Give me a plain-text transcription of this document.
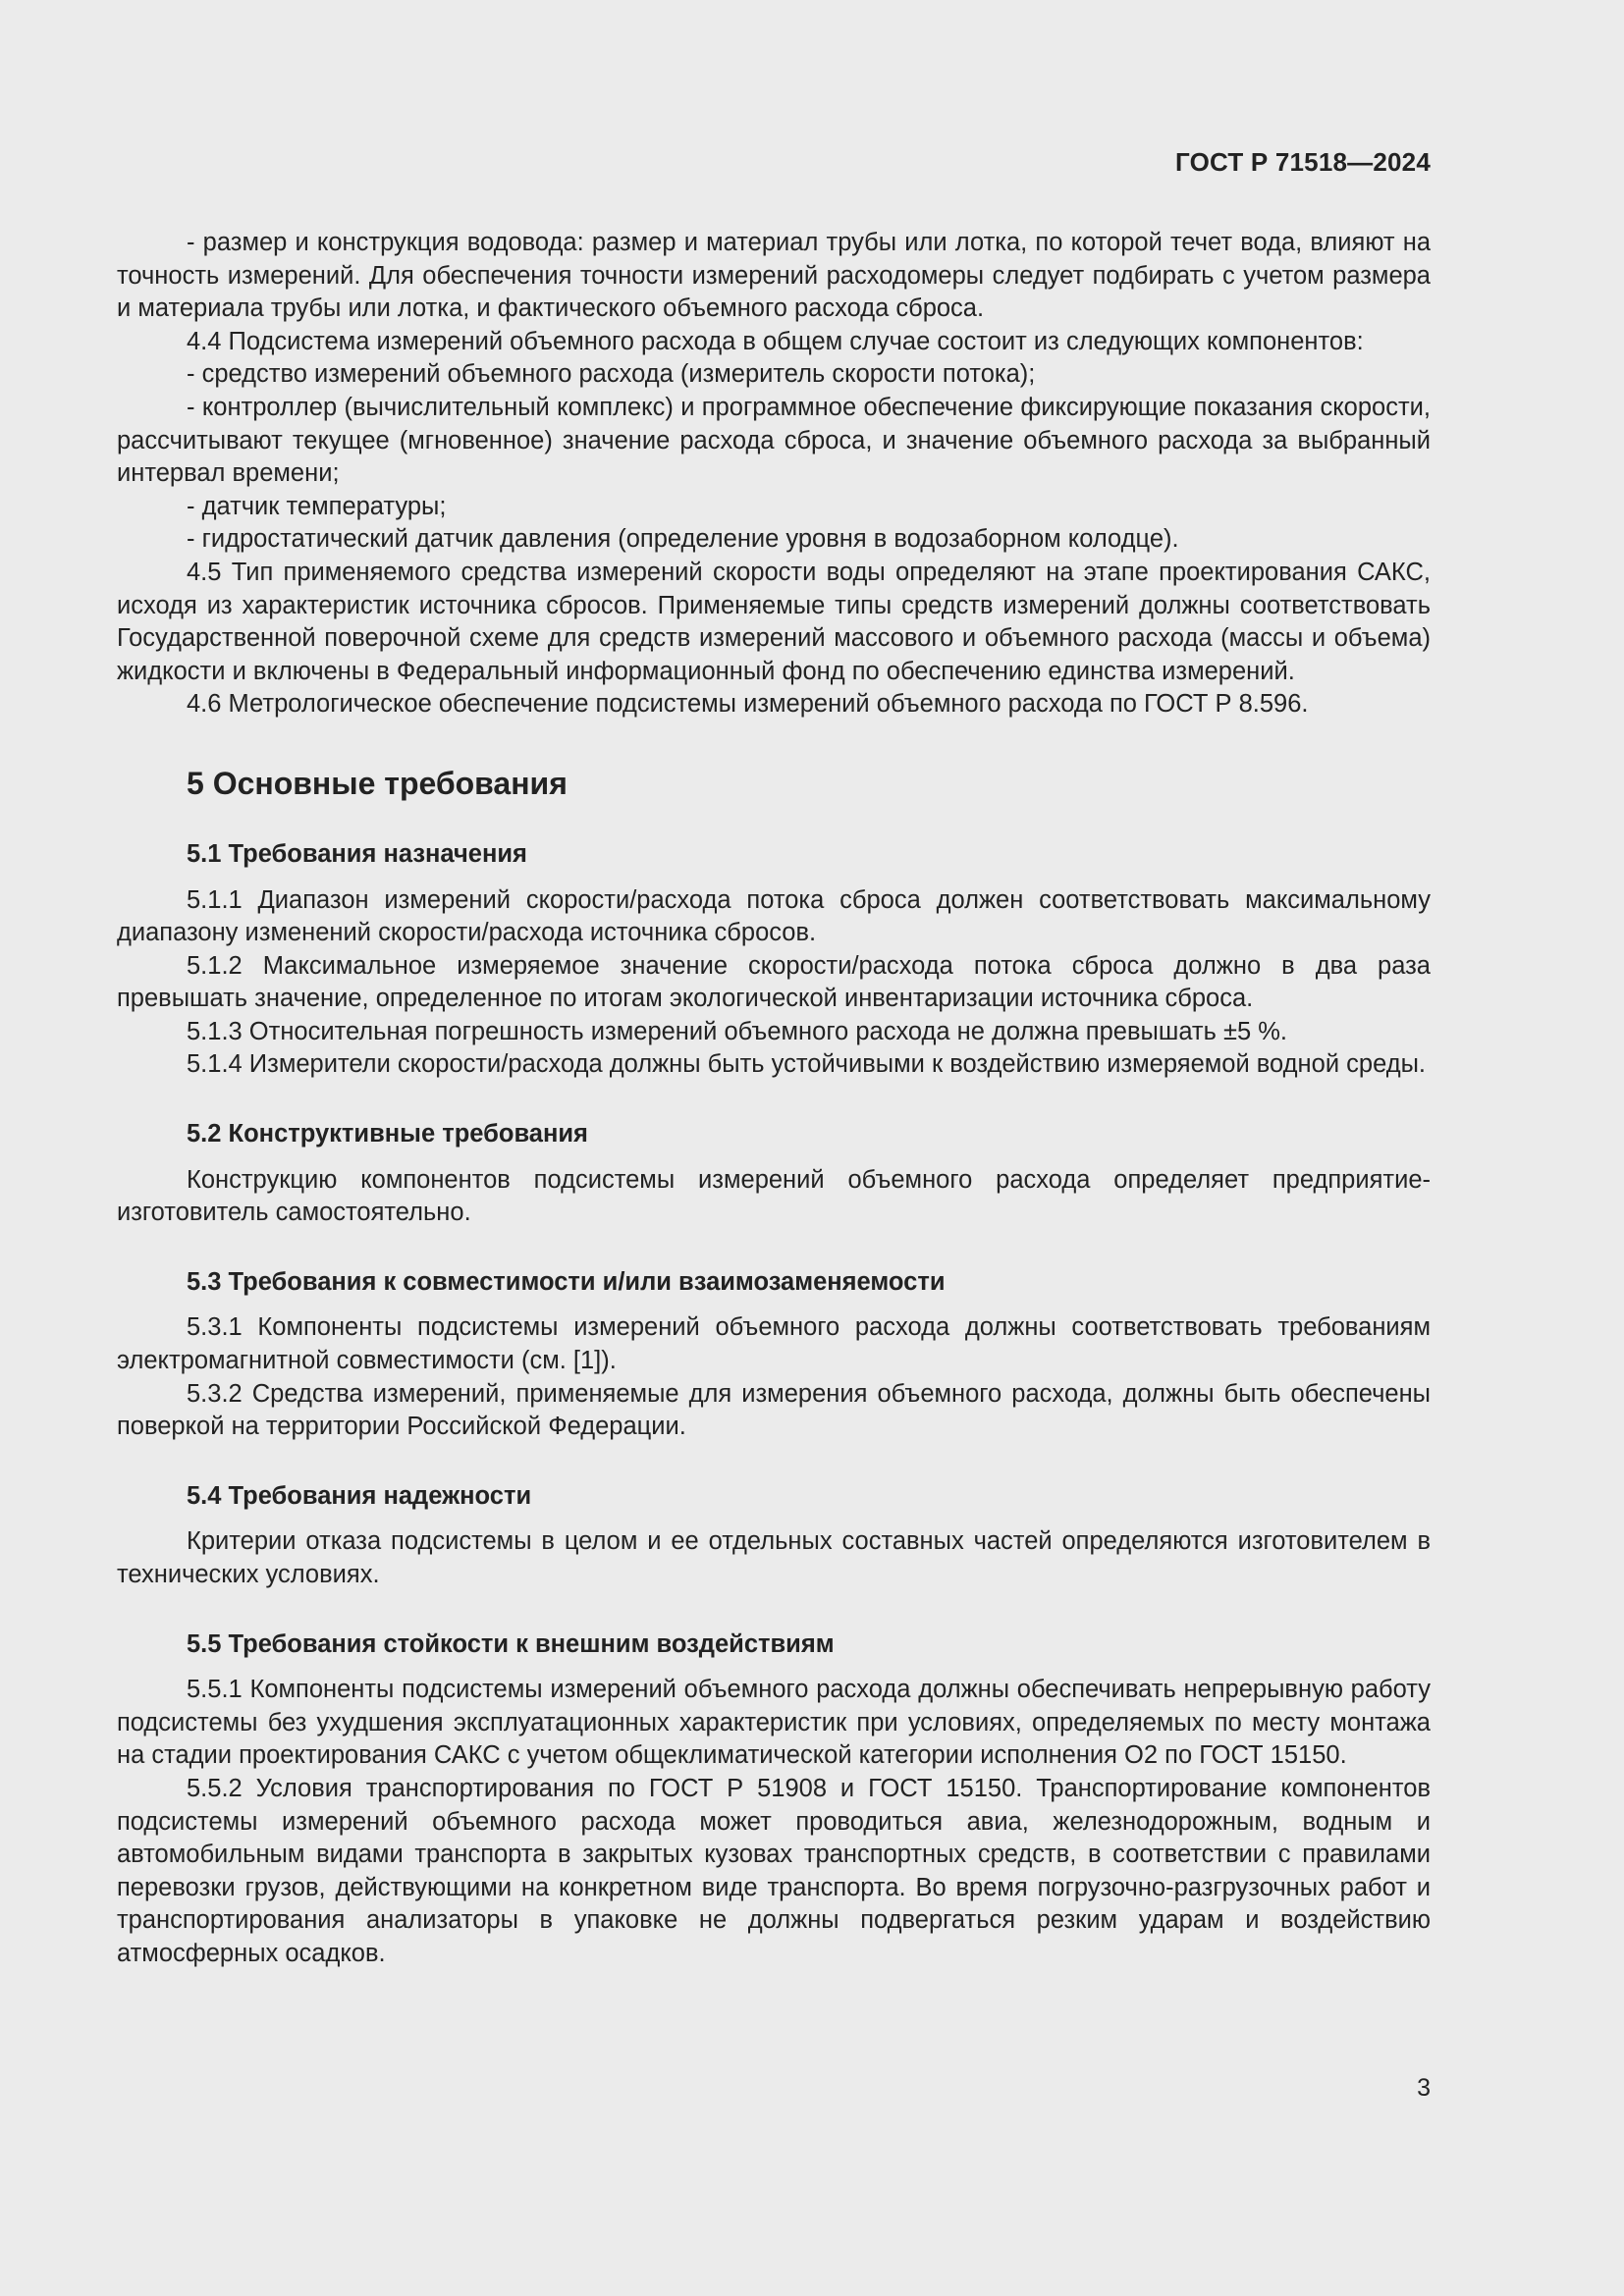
ГОСТ Р 71518—2024

- размер и конструкция водовода: размер и материал трубы или лотка, по которой течет вода, влияют на точность измерений. Для обеспечения точности измерений расходомеры следует подбирать с учетом размера и материала трубы или лотка, и фактического объемного расхода сброса.

4.4 Подсистема измерений объемного расхода в общем случае состоит из следующих компонентов:

- средство измерений объемного расхода (измеритель скорости потока);

- контроллер (вычислительный комплекс) и программное обеспечение фиксирующие показания скорости, рассчитывают текущее (мгновенное) значение расхода сброса, и значение объемного расхода за выбранный интервал времени;

- датчик температуры;

- гидростатический датчик давления (определение уровня в водозаборном колодце).

4.5 Тип применяемого средства измерений скорости воды определяют на этапе проектирования САКС, исходя из характеристик источника сбросов. Применяемые типы средств измерений должны соответствовать Государственной поверочной схеме для средств измерений массового и объемного расхода (массы и объема) жидкости и включены в Федеральный информационный фонд по обеспечению единства измерений.

4.6 Метрологическое обеспечение подсистемы измерений объемного расхода по ГОСТ Р 8.596.

5 Основные требования
5.1 Требования назначения

5.1.1 Диапазон измерений скорости/расхода потока сброса должен соответствовать максимальному диапазону изменений скорости/расхода источника сбросов.

5.1.2 Максимальное измеряемое значение скорости/расхода потока сброса должно в два раза превышать значение, определенное по итогам экологической инвентаризации источника сброса.

5.1.3 Относительная погрешность измерений объемного расхода не должна превышать ±5 %.

5.1.4 Измерители скорости/расхода должны быть устойчивыми к воздействию измеряемой водной среды.

5.2 Конструктивные требования

Конструкцию компонентов подсистемы измерений объемного расхода определяет предприятие-изготовитель самостоятельно.

5.3 Требования к совместимости и/или взаимозаменяемости

5.3.1 Компоненты подсистемы измерений объемного расхода должны соответствовать требованиям электромагнитной совместимости (см. [1]).

5.3.2 Средства измерений, применяемые для измерения объемного расхода, должны быть обеспечены поверкой на территории Российской Федерации.

5.4 Требования надежности

Критерии отказа подсистемы в целом и ее отдельных составных частей определяются изготовителем в технических условиях.

5.5 Требования стойкости к внешним воздействиям

5.5.1 Компоненты подсистемы измерений объемного расхода должны обеспечивать непрерывную работу подсистемы без ухудшения эксплуатационных характеристик при условиях, определяемых по месту монтажа на стадии проектирования САКС с учетом общеклиматической категории исполнения О2 по ГОСТ 15150.

5.5.2 Условия транспортирования по ГОСТ Р 51908 и ГОСТ 15150. Транспортирование компонентов подсистемы измерений объемного расхода может проводиться авиа, железнодорожным, водным и автомобильным видами транспорта в закрытых кузовах транспортных средств, в соответствии с правилами перевозки грузов, действующими на конкретном виде транспорта. Во время погрузочно-разгрузочных работ и транспортирования анализаторы в упаковке не должны подвергаться резким ударам и воздействию атмосферных осадков.

3
